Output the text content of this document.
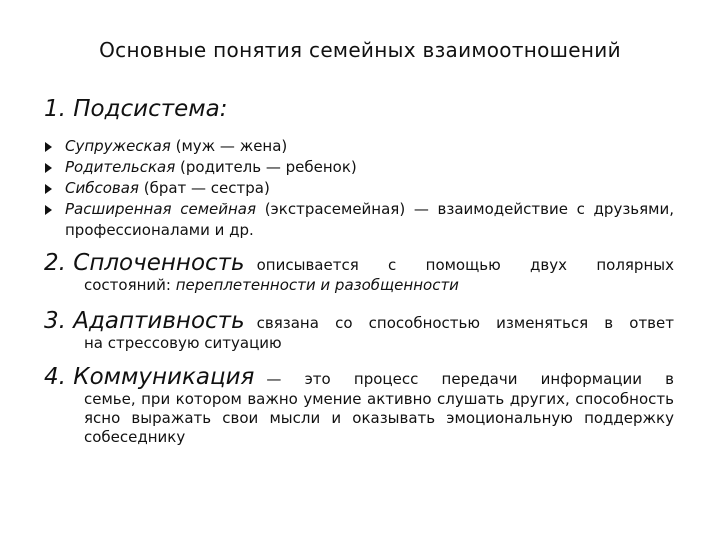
Основные понятия семейных взаимоотношений
1. Подсистема:
Супружеская (муж — жена)
Родительская (родитель — ребенок)
Сибсовая (брат — сестра)
Расширенная семейная (экстрасемейная) — взаимодействие с друзьями, профессионалами и др.
2. Сплоченность описывается с помощью двух полярных
состояний: переплетенности и разобщенности
3. Адаптивность связана со способностью изменяться в ответ
на стрессовую ситуацию
4. Коммуникация — это процесс передачи информации в
семье, при котором важно умение активно слушать других, способность ясно выражать свои мысли и оказывать эмоциональную поддержку собеседнику
